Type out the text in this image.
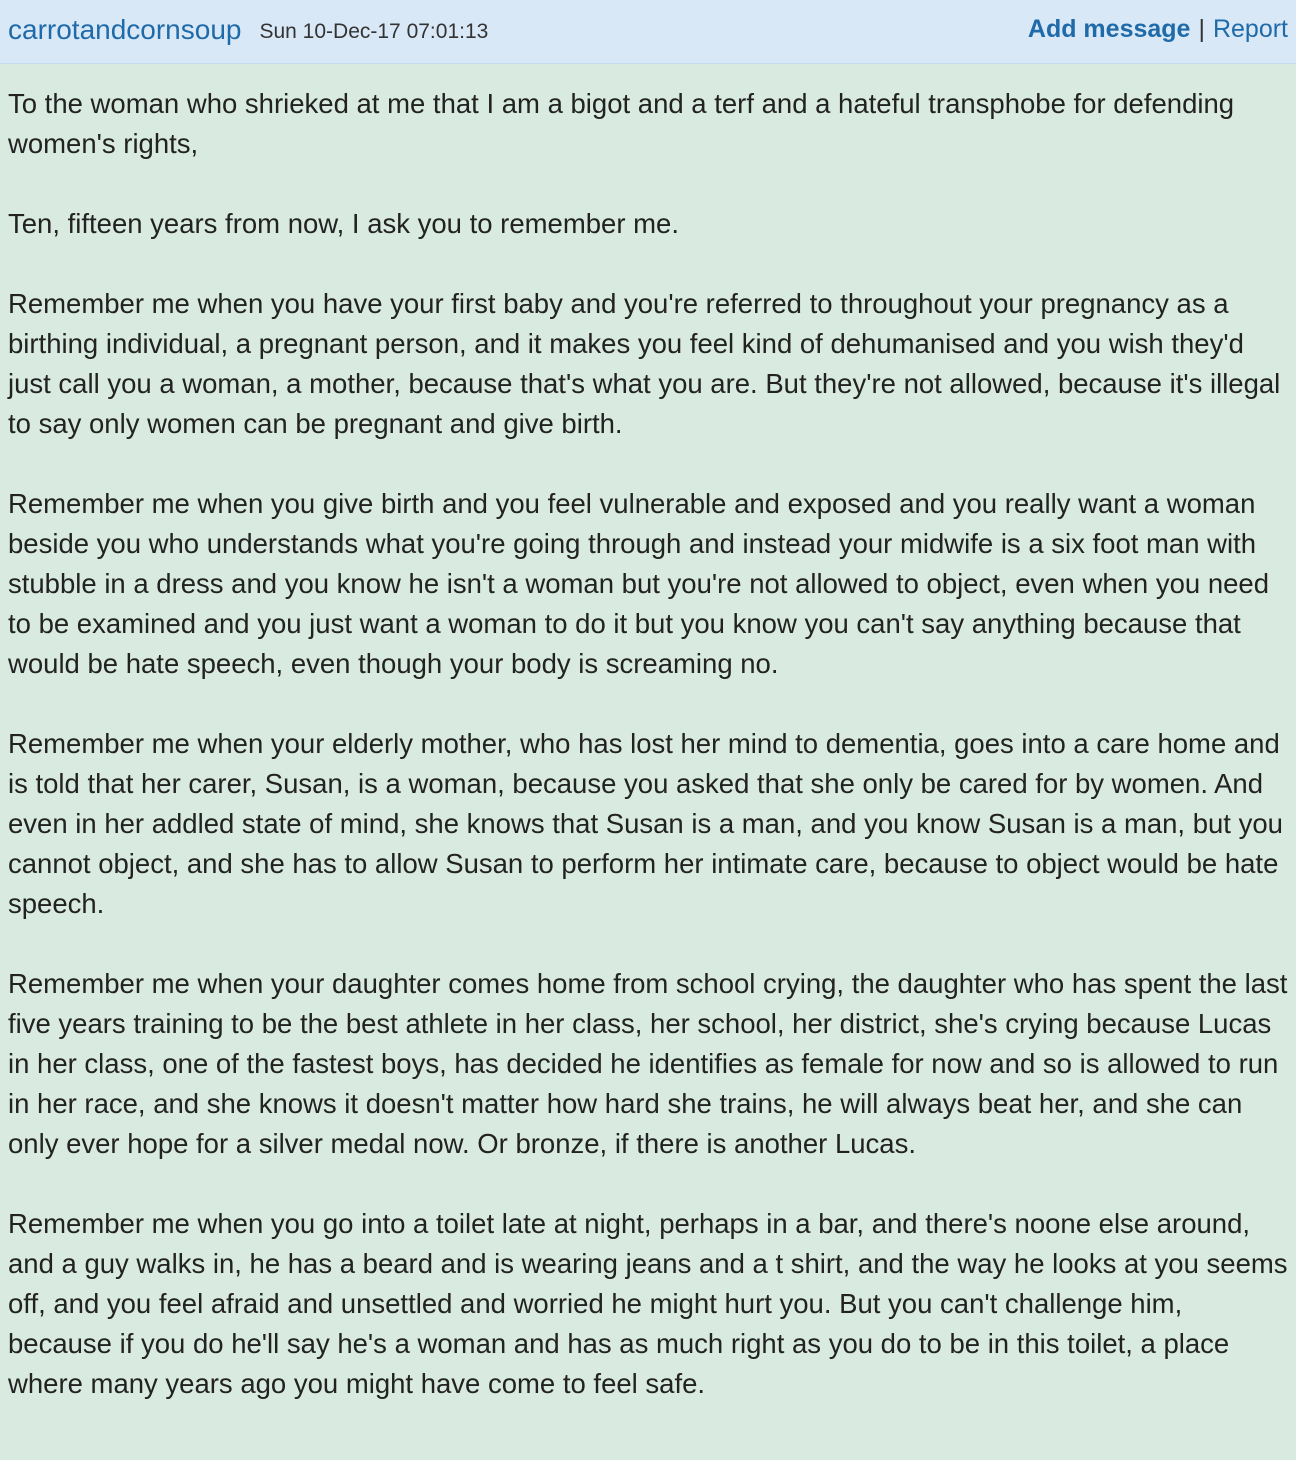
carrotandcornsoup Sun 10-Dec-17 07:01:13	Add message | Report

To the woman who shrieked at me that I am a bigot and a terf and a hateful transphobe for defending women's rights,

Ten, fifteen years from now, I ask you to remember me.

Remember me when you have your first baby and you're referred to throughout your pregnancy as a birthing individual, a pregnant person, and it makes you feel kind of dehumanised and you wish they'd just call you a woman, a mother, because that's what you are. But they're not allowed, because it's illegal to say only women can be pregnant and give birth.

Remember me when you give birth and you feel vulnerable and exposed and you really want a woman beside you who understands what you're going through and instead your midwife is a six foot man with stubble in a dress and you know he isn't a woman but you're not allowed to object, even when you need to be examined and you just want a woman to do it but you know you can't say anything because that would be hate speech, even though your body is screaming no.

Remember me when your elderly mother, who has lost her mind to dementia, goes into a care home and is told that her carer, Susan, is a woman, because you asked that she only be cared for by women. And even in her addled state of mind, she knows that Susan is a man, and you know Susan is a man, but you cannot object, and she has to allow Susan to perform her intimate care, because to object would be hate speech.

Remember me when your daughter comes home from school crying, the daughter who has spent the last five years training to be the best athlete in her class, her school, her district, she's crying because Lucas in her class, one of the fastest boys, has decided he identifies as female for now and so is allowed to run in her race, and she knows it doesn't matter how hard she trains, he will always beat her, and she can only ever hope for a silver medal now. Or bronze, if there is another Lucas.

Remember me when you go into a toilet late at night, perhaps in a bar, and there's noone else around, and a guy walks in, he has a beard and is wearing jeans and a t shirt, and the way he looks at you seems off, and you feel afraid and unsettled and worried he might hurt you. But you can't challenge him, because if you do he'll say he's a woman and has as much right as you do to be in this toilet, a place where many years ago you might have come to feel safe.
